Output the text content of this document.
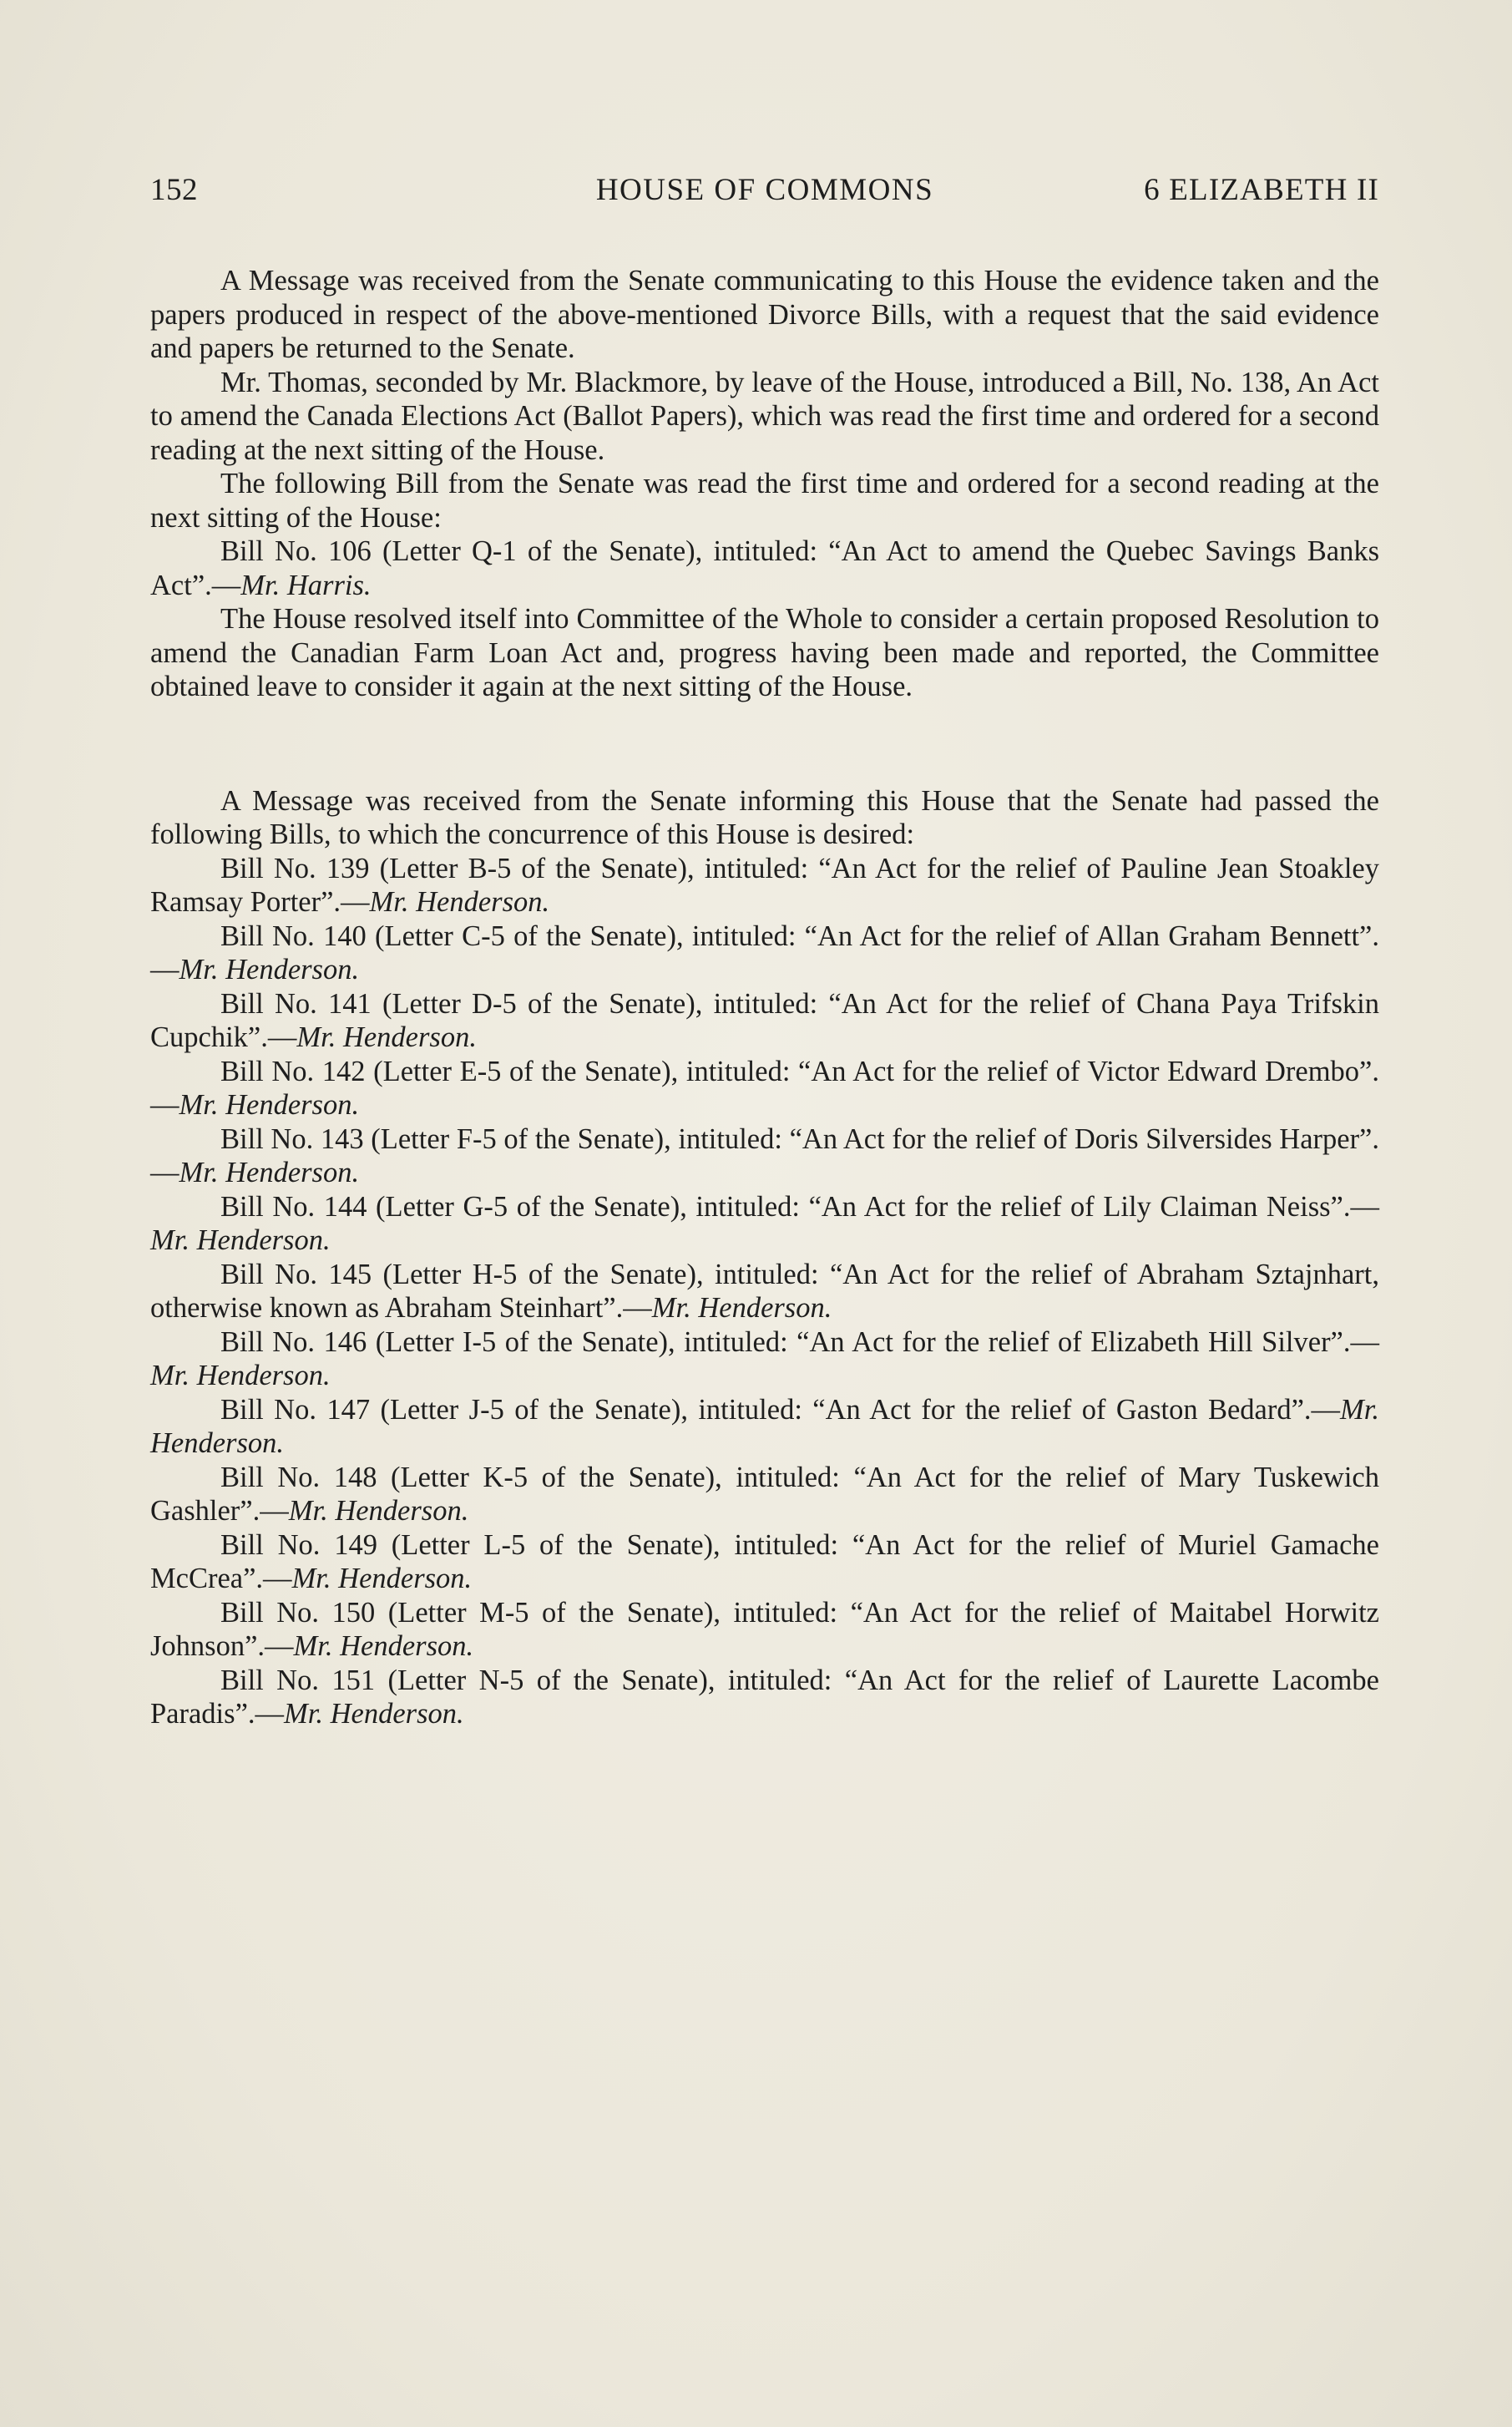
152	HOUSE OF COMMONS	6 ELIZABETH II

A Message was received from the Senate communicating to this House the evidence taken and the papers produced in respect of the above-mentioned Divorce Bills, with a request that the said evidence and papers be returned to the Senate.

Mr. Thomas, seconded by Mr. Blackmore, by leave of the House, introduced a Bill, No. 138, An Act to amend the Canada Elections Act (Ballot Papers), which was read the first time and ordered for a second reading at the next sitting of the House.

The following Bill from the Senate was read the first time and ordered for a second reading at the next sitting of the House:

Bill No. 106 (Letter Q-1 of the Senate), intituled: “An Act to amend the Quebec Savings Banks Act”.—Mr. Harris.

The House resolved itself into Committee of the Whole to consider a certain proposed Resolution to amend the Canadian Farm Loan Act and, progress having been made and reported, the Committee obtained leave to consider it again at the next sitting of the House.

A Message was received from the Senate informing this House that the Senate had passed the following Bills, to which the concurrence of this House is desired:

Bill No. 139 (Letter B-5 of the Senate), intituled: “An Act for the relief of Pauline Jean Stoakley Ramsay Porter”.—Mr. Henderson.

Bill No. 140 (Letter C-5 of the Senate), intituled: “An Act for the relief of Allan Graham Bennett”.—Mr. Henderson.

Bill No. 141 (Letter D-5 of the Senate), intituled: “An Act for the relief of Chana Paya Trifskin Cupchik”.—Mr. Henderson.

Bill No. 142 (Letter E-5 of the Senate), intituled: “An Act for the relief of Victor Edward Drembo”.—Mr. Henderson.

Bill No. 143 (Letter F-5 of the Senate), intituled: “An Act for the relief of Doris Silversides Harper”.—Mr. Henderson.

Bill No. 144 (Letter G-5 of the Senate), intituled: “An Act for the relief of Lily Claiman Neiss”.—Mr. Henderson.

Bill No. 145 (Letter H-5 of the Senate), intituled: “An Act for the relief of Abraham Sztajnhart, otherwise known as Abraham Steinhart”.—Mr. Henderson.

Bill No. 146 (Letter I-5 of the Senate), intituled: “An Act for the relief of Elizabeth Hill Silver”.—Mr. Henderson.

Bill No. 147 (Letter J-5 of the Senate), intituled: “An Act for the relief of Gaston Bedard”.—Mr. Henderson.

Bill No. 148 (Letter K-5 of the Senate), intituled: “An Act for the relief of Mary Tuskewich Gashler”.—Mr. Henderson.

Bill No. 149 (Letter L-5 of the Senate), intituled: “An Act for the relief of Muriel Gamache McCrea”.—Mr. Henderson.

Bill No. 150 (Letter M-5 of the Senate), intituled: “An Act for the relief of Maitabel Horwitz Johnson”.—Mr. Henderson.

Bill No. 151 (Letter N-5 of the Senate), intituled: “An Act for the relief of Laurette Lacombe Paradis”.—Mr. Henderson.
